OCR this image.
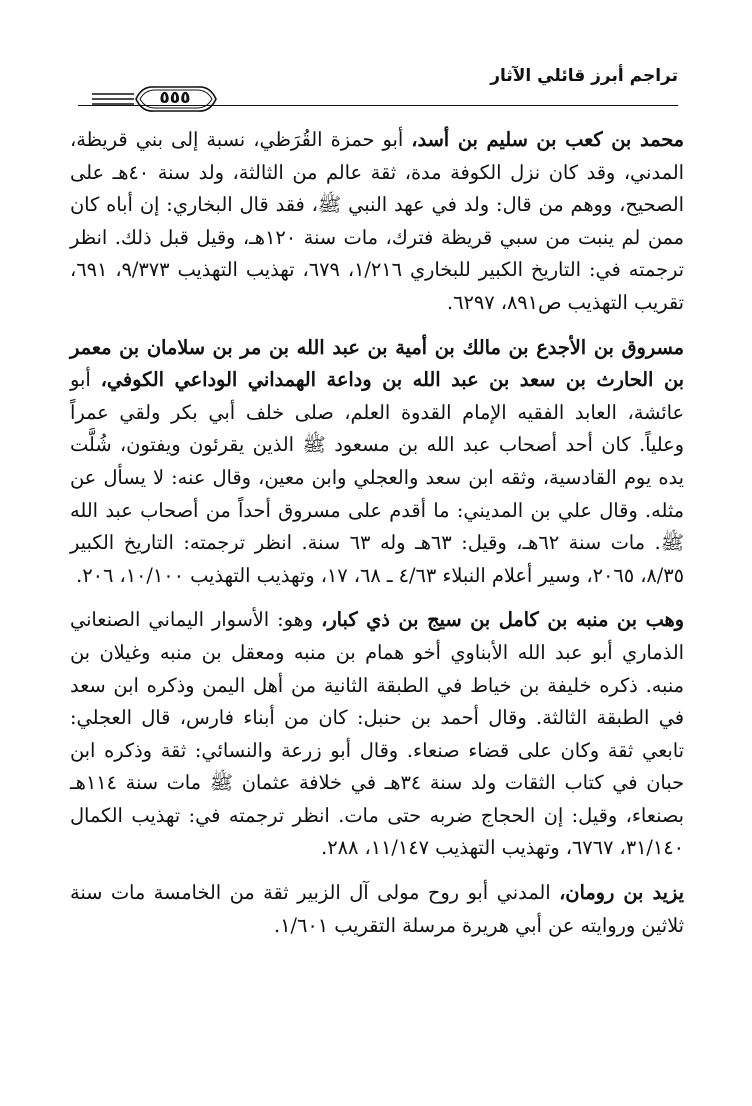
تراجم أبرز قائلي الآثار
٥٥٥

محمد بن كعب بن سليم بن أسد، أبو حمزة القُرَظي، نسبة إلى بني قريظة، المدني، وقد كان نزل الكوفة مدة، ثقة عالم من الثالثة، ولد سنة ٤٠هـ على الصحيح، ووهم من قال: ولد في عهد النبي ﷺ، فقد قال البخاري: إن أباه كان ممن لم ينبت من سبي قريظة فترك، مات سنة ١٢٠هـ، وقيل قبل ذلك. انظر ترجمته في: التاريخ الكبير للبخاري ١/٢١٦، ٦٧٩، تهذيب التهذيب ٩/٣٧٣، ٦٩١، تقريب التهذيب ص٨٩١، ٦٢٩٧.

مسروق بن الأجدع بن مالك بن أمية بن عبد الله بن مر بن سلامان بن معمر بن الحارث بن سعد بن عبد الله بن وداعة الهمداني الوداعي الكوفي، أبو عائشة، العابد الفقيه الإمام القدوة العلم، صلى خلف أبي بكر ولقي عمراً وعلياً. كان أحد أصحاب عبد الله بن مسعود ﷺ الذين يقرئون ويفتون، شُلَّت يده يوم القادسية، وثقه ابن سعد والعجلي وابن معين، وقال عنه: لا يسأل عن مثله. وقال علي بن المديني: ما أقدم على مسروق أحداً من أصحاب عبد الله ﷺ. مات سنة ٦٢هـ، وقيل: ٦٣هـ وله ٦٣ سنة. انظر ترجمته: التاريخ الكبير ٨/٣٥، ٢٠٦٥، وسير أعلام النبلاء ٤/٦٣ ـ ٦٨، ١٧، وتهذيب التهذيب ١٠/١٠٠، ٢٠٦.

وهب بن منبه بن كامل بن سيج بن ذي كبار، وهو: الأسوار اليماني الصنعاني الذماري أبو عبد الله الأبناوي أخو همام بن منبه ومعقل بن منبه وغيلان بن منبه. ذكره خليفة بن خياط في الطبقة الثانية من أهل اليمن وذكره ابن سعد في الطبقة الثالثة. وقال أحمد بن حنبل: كان من أبناء فارس، قال العجلي: تابعي ثقة وكان على قضاء صنعاء. وقال أبو زرعة والنسائي: ثقة وذكره ابن حبان في كتاب الثقات ولد سنة ٣٤هـ في خلافة عثمان ﷺ مات سنة ١١٤هـ بصنعاء، وقيل: إن الحجاج ضربه حتى مات. انظر ترجمته في: تهذيب الكمال ٣١/١٤٠، ٦٧٦٧، وتهذيب التهذيب ١١/١٤٧، ٢٨٨.

يزيد بن رومان، المدني أبو روح مولى آل الزبير ثقة من الخامسة مات سنة ثلاثين وروايته عن أبي هريرة مرسلة التقريب ١/٦٠١.
